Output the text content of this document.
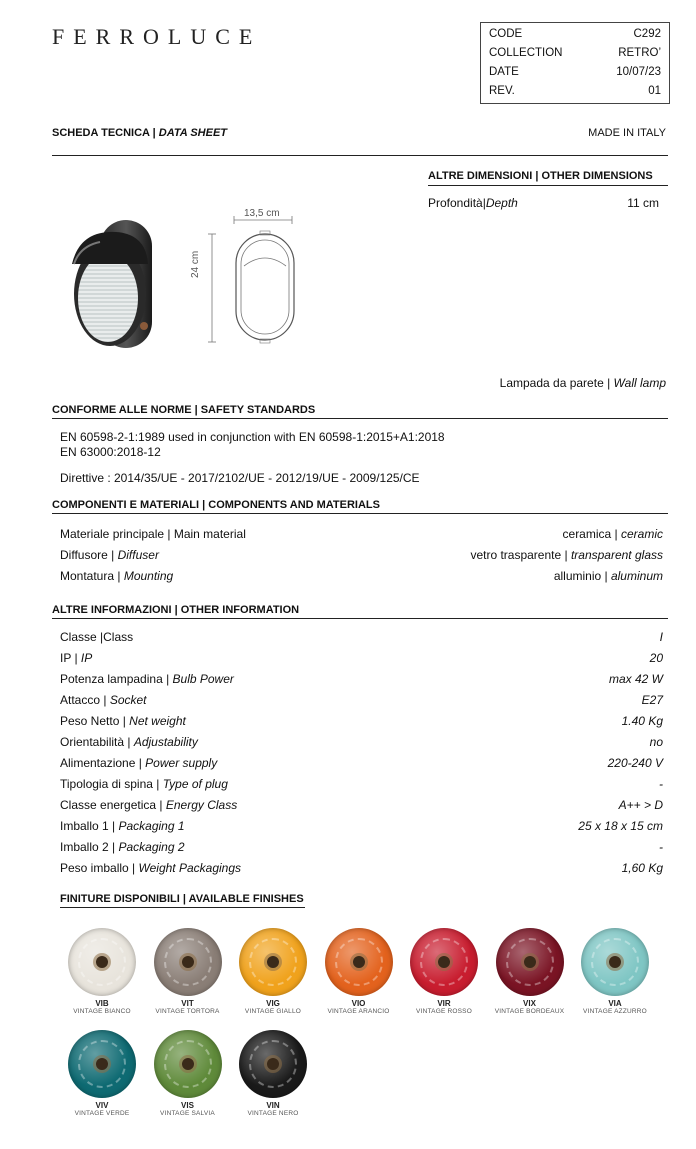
FERROLUCE	CODE	C292
COLLECTION	RETRO’
DATE	10/07/23
REV.	01
SCHEDA TECNICA | DATA SHEET	MADE IN ITALY
ALTRE DIMENSIONI | OTHER DIMENSIONS
Profondità|Depth	11 cm
13,5 cm
24 cm
Lampada da parete | Wall lamp
CONFORME ALLE NORME | SAFETY STANDARDS
EN 60598-2-1:1989 used in conjunction with EN 60598-1:2015+A1:2018
EN 63000:2018-12
Direttive : 2014/35/UE - 2017/2102/UE - 2012/19/UE - 2009/125/CE
COMPONENTI E MATERIALI | COMPONENTS AND MATERIALS
Materiale principale | Main material	ceramica | ceramic
Diffusore | Diffuser	vetro trasparente | transparent glass
Montatura | Mounting	alluminio | aluminum
ALTRE INFORMAZIONI | OTHER INFORMATION
Classe |Class	I
IP | IP	20
Potenza lampadina | Bulb Power	max 42 W
Attacco | Socket	E27
Peso Netto | Net weight	1.40 Kg
Orientabilità | Adjustability	no
Alimentazione | Power supply	220-240 V
Tipologia di spina | Type of plug	-
Classe energetica | Energy Class	A++ > D
Imballo 1 | Packaging 1	25 x 18 x 15 cm
Imballo 2 | Packaging 2	-
Peso imballo | Weight Packagings	1,60 Kg
FINITURE DISPONIBILI | AVAILABLE FINISHES
VIB
VINTAGE BIANCO
VIT
VINTAGE TORTORA
VIG
VINTAGE GIALLO
VIO
VINTAGE ARANCIO
VIR
VINTAGE ROSSO
VIX
VINTAGE BORDEAUX
VIA
VINTAGE AZZURRO
VIV
VINTAGE VERDE
VIS
VINTAGE SALVIA
VIN
VINTAGE NERO
